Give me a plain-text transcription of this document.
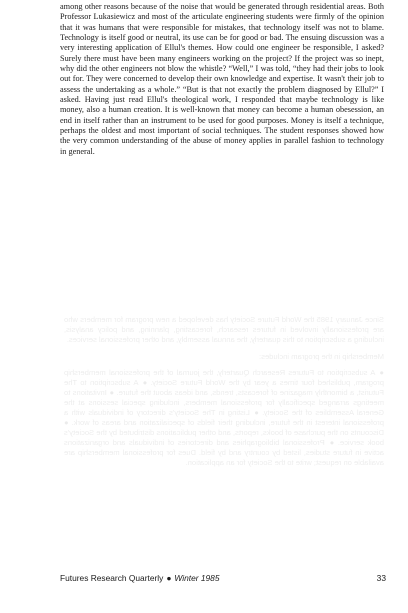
among other reasons because of the noise that would be generated through residential areas. Both Professor Lukasiewicz and most of the articulate engineering students were firmly of the opinion that it was humans that were responsible for mistakes, that technology itself was not to blame. Technology is itself good or neutral, its use can be for good or bad. The ensuing discussion was a very interesting application of Ellul's themes. How could one engineer be responsible, I asked? Surely there must have been many engineers working on the project? If the project was so inept, why did the other engineers not blow the whistle? “Well,” I was told, “they had their jobs to look out for. They were concerned to develop their own knowledge and expertise. It wasn't their job to assess the undertaking as a whole.” “But is that not exactly the problem diagnosed by Ellul?” I asked. Having just read Ellul's theological work, I responded that maybe technology is like money, also a human creation. It is well-known that money can become a human obesession, an end in itself rather than an instrument to be used for good purposes. Money is itself a technique, perhaps the oldest and most important of social techniques. The student responses showed how the very common understanding of the abuse of money applies in parallel fashion to technology in general.

Since January 1985 the World Future Society has developed a new program for members who are professionally involved in futures research, forecasting, planning, and policy analysis, including a subscription to this quarterly, the annual assembly, and other professional services.
Membership in the program includes:
● A subscription to Futures Research Quarterly, the journal of the professional membership program, published four times a year by the World Future Society. ● A subscription to The Futurist, a bimonthly magazine of forecasts, trends, and ideas about the future. ● Invitations to meetings arranged specifically for professional members, including special sessions at the General Assemblies of the Society. ● Listing in The Society's directory of individuals with a professional interest in the future, including their fields of specialization and areas of work. ● Discounts on the purchase of books, reports, and other publications distributed by the Society's book service. ● Professional bibliographies and directories of individuals and organizations active in future studies, listed by country and by field. Dues for professional membership are available on request; write to the Society for an application.
Futures Research Quarterly ● Winter 1985	33
